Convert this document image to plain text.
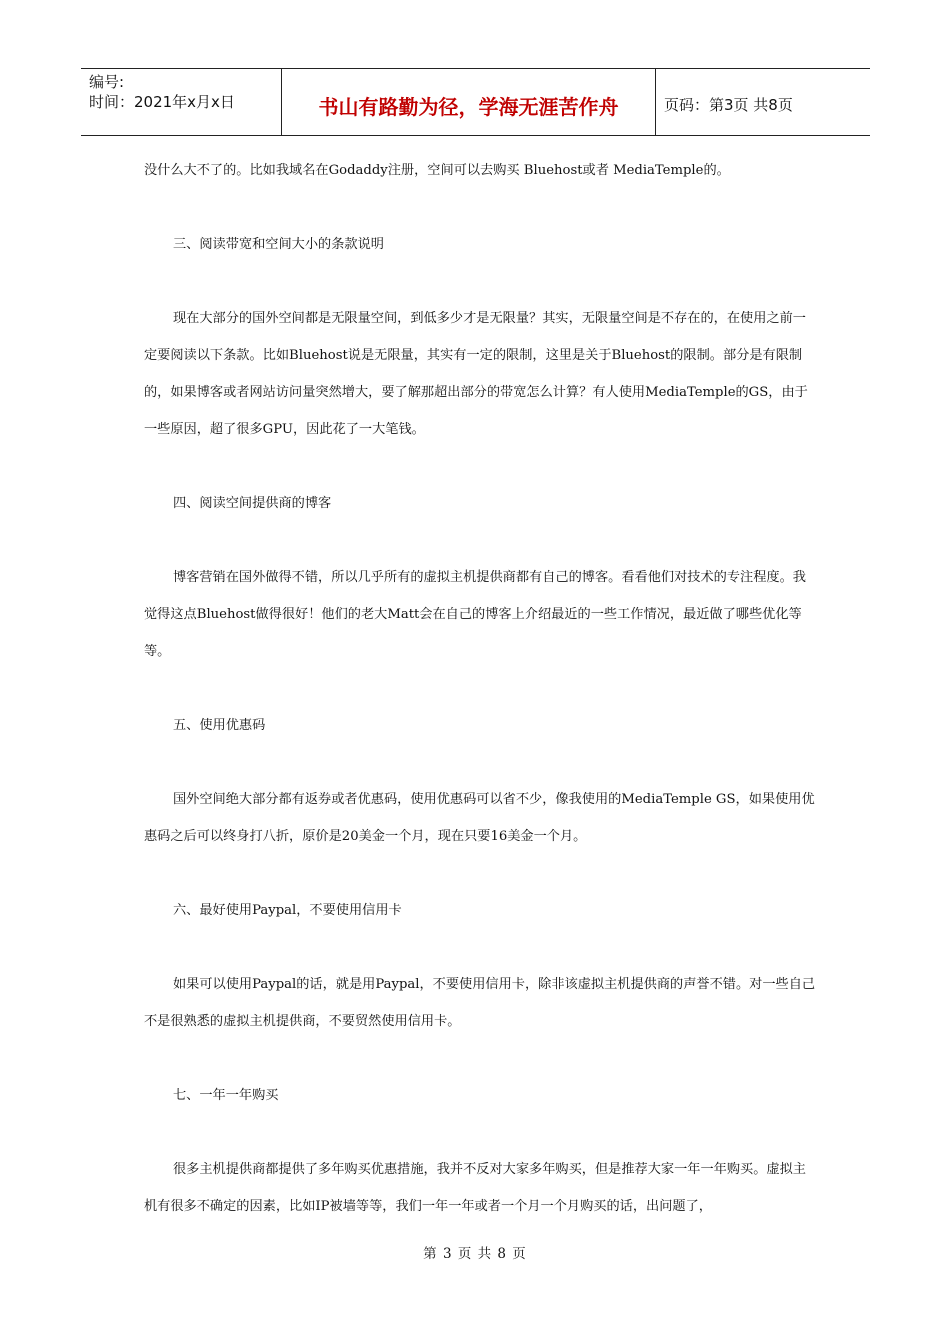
编号:
时间：2021年x月x日	书山有路勤为径，学海无涯苦作舟	页码：第3页 共8页

没什么大不了的。比如我域名在Godaddy注册，空间可以去购买 Bluehost或者 MediaTemple的。

三、阅读带宽和空间大小的条款说明

现在大部分的国外空间都是无限量空间，到低多少才是无限量？其实，无限量空间是不存在的，在使用之前一定要阅读以下条款。比如Bluehost说是无限量，其实有一定的限制，这里是关于Bluehost的限制。部分是有限制的，如果博客或者网站访问量突然增大，要了解那超出部分的带宽怎么计算？有人使用MediaTemple的GS，由于一些原因，超了很多GPU，因此花了一大笔钱。

四、阅读空间提供商的博客

博客营销在国外做得不错，所以几乎所有的虚拟主机提供商都有自己的博客。看看他们对技术的专注程度。我觉得这点Bluehost做得很好！他们的老大Matt会在自己的博客上介绍最近的一些工作情况，最近做了哪些优化等等。

五、使用优惠码

国外空间绝大部分都有返券或者优惠码，使用优惠码可以省不少，像我使用的MediaTemple GS，如果使用优惠码之后可以终身打八折，原价是20美金一个月，现在只要16美金一个月。

六、最好使用Paypal，不要使用信用卡

如果可以使用Paypal的话，就是用Paypal，不要使用信用卡，除非该虚拟主机提供商的声誉不错。对一些自己不是很熟悉的虚拟主机提供商，不要贸然使用信用卡。

七、一年一年购买

很多主机提供商都提供了多年购买优惠措施，我并不反对大家多年购买，但是推荐大家一年一年购买。虚拟主机有很多不确定的因素，比如IP被墙等等，我们一年一年或者一个月一个月购买的话，出问题了，

第 3 页 共 8 页
